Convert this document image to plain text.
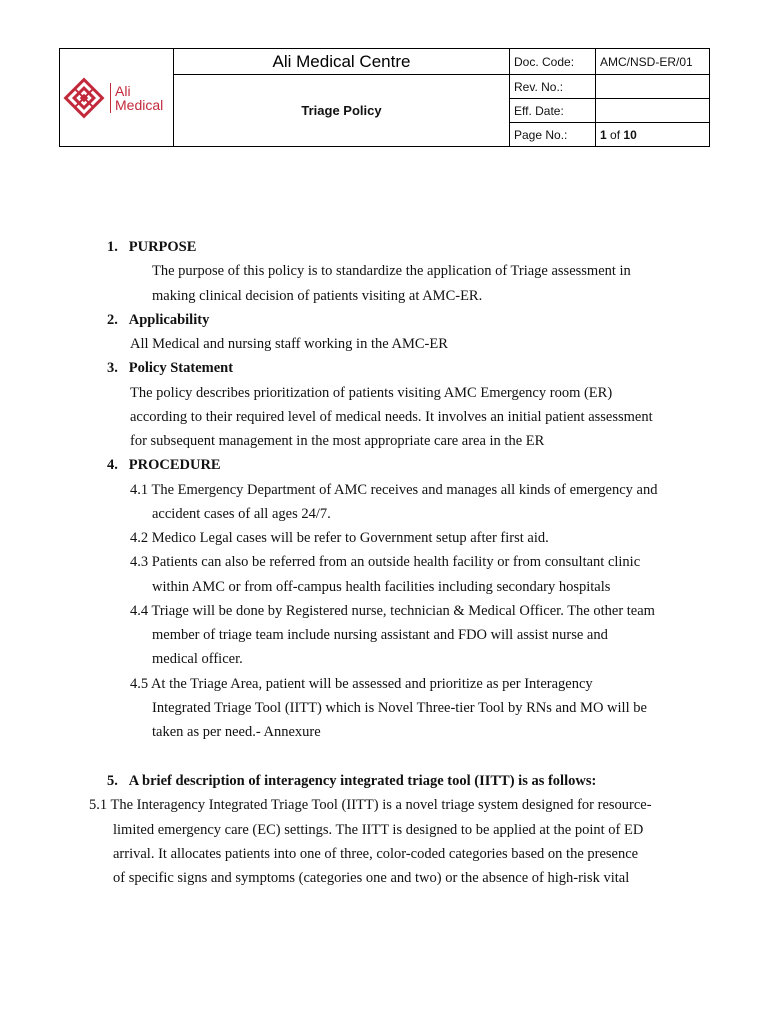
Ali
Medical	Ali Medical Centre	Doc. Code:	AMC/NSD-ER/01
	Triage Policy	Rev. No.:	
		Eff. Date:	
		Page No.:	1 of 10
1. PURPOSE
The purpose of this policy is to standardize the application of Triage assessment in
making clinical decision of patients visiting at AMC-ER.
2. Applicability
All Medical and nursing staff working in the AMC-ER
3. Policy Statement
The policy describes prioritization of patients visiting AMC Emergency room (ER)
according to their required level of medical needs. It involves an initial patient assessment
for subsequent management in the most appropriate care area in the ER
4. PROCEDURE
4.1 The Emergency Department of AMC receives and manages all kinds of emergency and
accident cases of all ages 24/7.
4.2 Medico Legal cases will be refer to Government setup after first aid.
4.3 Patients can also be referred from an outside health facility or from consultant clinic
within AMC or from off-campus health facilities including secondary hospitals
4.4 Triage will be done by Registered nurse, technician & Medical Officer. The other team
member of triage team include nursing assistant and FDO will assist nurse and
medical officer.
4.5 At the Triage Area, patient will be assessed and prioritize as per Interagency
Integrated Triage Tool (IITT) which is Novel Three-tier Tool by RNs and MO will be
taken as per need.- Annexure
5. A brief description of interagency integrated triage tool (IITT) is as follows:
5.1 The Interagency Integrated Triage Tool (IITT) is a novel triage system designed for resource-
limited emergency care (EC) settings. The IITT is designed to be applied at the point of ED
arrival. It allocates patients into one of three, color-coded categories based on the presence
of specific signs and symptoms (categories one and two) or the absence of high-risk vital
